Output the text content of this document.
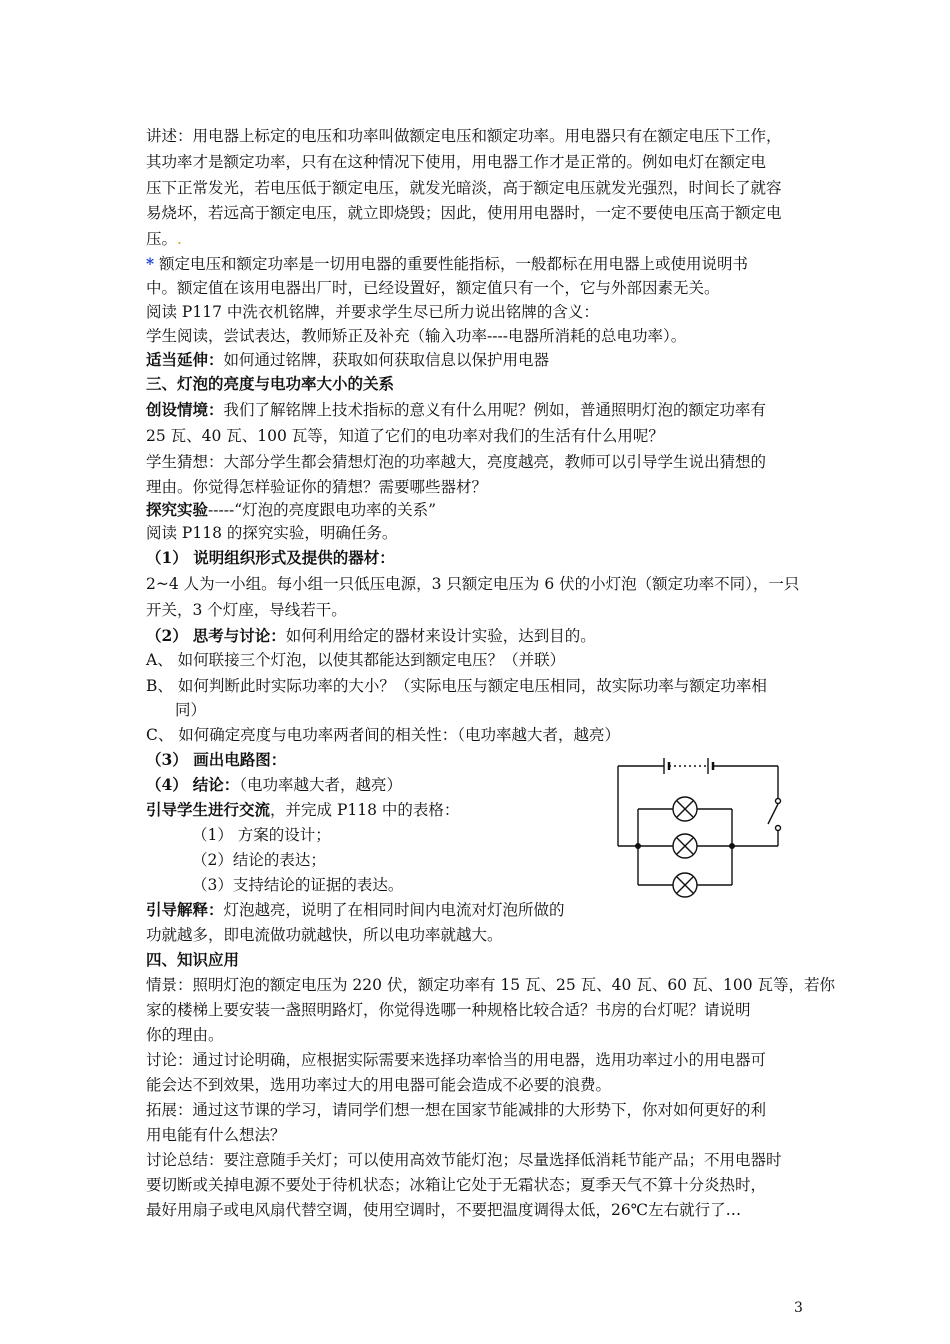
讲述：用电器上标定的电压和功率叫做额定电压和额定功率。用电器只有在额定电压下工作，
其功率才是额定功率，只有在这种情况下使用，用电器工作才是正常的。例如电灯在额定电
压下正常发光，若电压低于额定电压，就发光暗淡，高于额定电压就发光强烈，时间长了就容
易烧坏，若远高于额定电压，就立即烧毁；因此，使用用电器时，一定不要使电压高于额定电
压。.
* 额定电压和额定功率是一切用电器的重要性能指标，一般都标在用电器上或使用说明书
中。额定值在该用电器出厂时，已经设置好，额定值只有一个，它与外部因素无关。
阅读 P117 中洗衣机铭牌，并要求学生尽已所力说出铭牌的含义：
学生阅读，尝试表达，教师矫正及补充（输入功率----电器所消耗的总电功率）。
适当延伸：如何通过铭牌，获取如何获取信息以保护用电器
三、灯泡的亮度与电功率大小的关系
创设情境：我们了解铭牌上技术指标的意义有什么用呢？例如，普通照明灯泡的额定功率有
25 瓦、40 瓦、100 瓦等，知道了它们的电功率对我们的生活有什么用呢？
学生猜想：大部分学生都会猜想灯泡的功率越大，亮度越亮，教师可以引导学生说出猜想的
理由。你觉得怎样验证你的猜想？需要哪些器材？
探究实验-----“灯泡的亮度跟电功率的关系”
阅读 P118 的探究实验，明确任务。
（1） 说明组织形式及提供的器材：
2~4 人为一小组。每小组一只低压电源，3 只额定电压为 6 伏的小灯泡（额定功率不同），一只
开关，3 个灯座，导线若干。
（2） 思考与讨论：如何利用给定的器材来设计实验，达到目的。
A、 如何联接三个灯泡，以使其都能达到额定电压？（并联）
B、 如何判断此时实际功率的大小？（实际电压与额定电压相同，故实际功率与额定功率相
同）
C、 如何确定亮度与电功率两者间的相关性：（电功率越大者，越亮）
（3） 画出电路图：
（4） 结论：（电功率越大者，越亮）
引导学生进行交流，并完成 P118 中的表格：
（1） 方案的设计；
（2）结论的表达；
（3）支持结论的证据的表达。
引导解释：灯泡越亮，说明了在相同时间内电流对灯泡所做的
功就越多，即电流做功就越快，所以电功率就越大。
四、知识应用
情景：照明灯泡的额定电压为 220 伏，额定功率有 15 瓦、25 瓦、40 瓦、60 瓦、100 瓦等，若你
家的楼梯上要安装一盏照明路灯，你觉得选哪一种规格比较合适？书房的台灯呢？请说明
你的理由。
讨论：通过讨论明确，应根据实际需要来选择功率恰当的用电器，选用功率过小的用电器可
能会达不到效果，选用功率过大的用电器可能会造成不必要的浪费。
拓展：通过这节课的学习，请同学们想一想在国家节能减排的大形势下，你对如何更好的利
用电能有什么想法？
讨论总结：要注意随手关灯；可以使用高效节能灯泡；尽量选择低消耗节能产品；不用电器时
要切断或关掉电源不要处于待机状态；冰箱让它处于无霜状态；夏季天气不算十分炎热时，
最好用扇子或电风扇代替空调，使用空调时，不要把温度调得太低，26℃左右就行了…
3
